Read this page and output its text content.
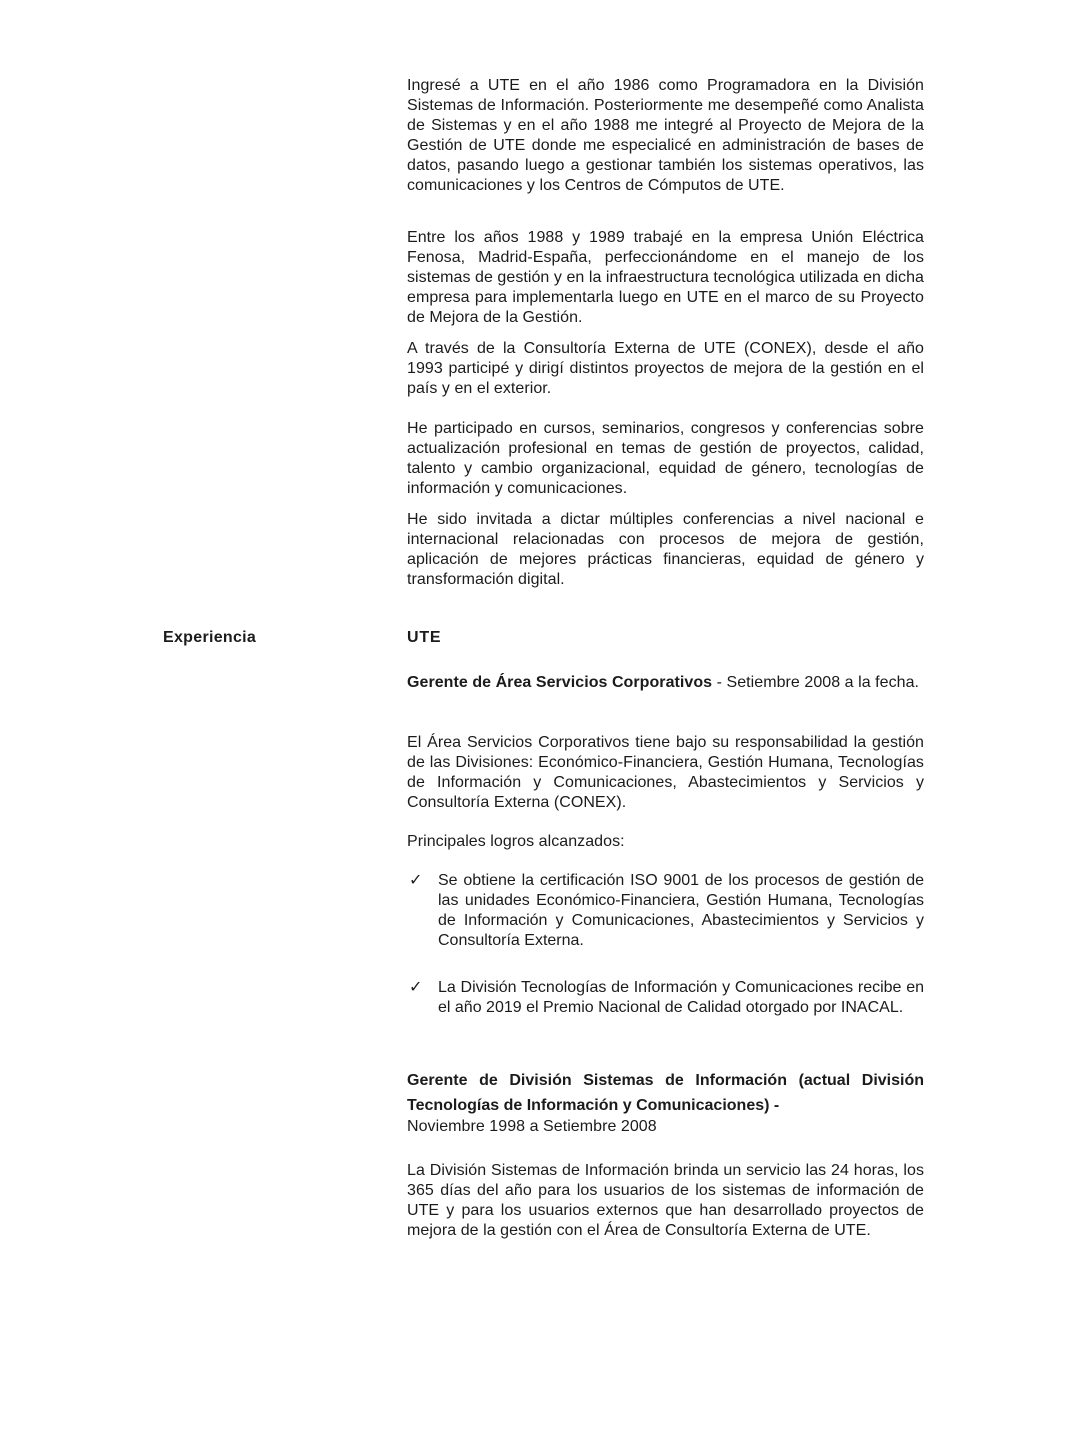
Ingresé a UTE en el año 1986 como Programadora en la División Sistemas de Información. Posteriormente me desempeñé como Analista de Sistemas y en el año 1988 me integré al Proyecto de Mejora de la Gestión de UTE donde me especialicé en administración de bases de datos, pasando luego a gestionar también los sistemas operativos, las comunicaciones y los Centros de Cómputos de UTE.

Entre los años 1988 y 1989 trabajé en la empresa Unión Eléctrica Fenosa, Madrid-España, perfeccionándome en el manejo de los sistemas de gestión y en la infraestructura tecnológica utilizada en dicha empresa para implementarla luego en UTE en el marco de su Proyecto de Mejora de la Gestión.

A través de la Consultoría Externa de UTE (CONEX), desde el año 1993 participé y dirigí distintos proyectos de mejora de la gestión en el país y en el exterior.

He participado en cursos, seminarios, congresos y conferencias sobre actualización profesional en temas de gestión de proyectos, calidad, talento y cambio organizacional, equidad de género, tecnologías de información y comunicaciones.

He sido invitada a dictar múltiples conferencias a nivel nacional e internacional relacionadas con procesos de mejora de gestión, aplicación de mejores prácticas financieras, equidad de género y transformación digital.

Experiencia	UTE

Gerente de Área Servicios Corporativos - Setiembre 2008 a la fecha.

El Área Servicios Corporativos tiene bajo su responsabilidad la gestión de las Divisiones: Económico-Financiera, Gestión Humana, Tecnologías de Información y Comunicaciones, Abastecimientos y Servicios y Consultoría Externa (CONEX).

Principales logros alcanzados:

✓ Se obtiene la certificación ISO 9001 de los procesos de gestión de las unidades Económico-Financiera, Gestión Humana, Tecnologías de Información y Comunicaciones, Abastecimientos y Servicios y Consultoría Externa.

✓ La División Tecnologías de Información y Comunicaciones recibe en el año 2019 el Premio Nacional de Calidad otorgado por INACAL.

Gerente de División Sistemas de Información (actual División Tecnologías de Información y Comunicaciones) -

Noviembre 1998 a Setiembre 2008

La División Sistemas de Información brinda un servicio las 24 horas, los 365 días del año para los usuarios de los sistemas de información de UTE y para los usuarios externos que han desarrollado proyectos de mejora de la gestión con el Área de Consultoría Externa de UTE.
